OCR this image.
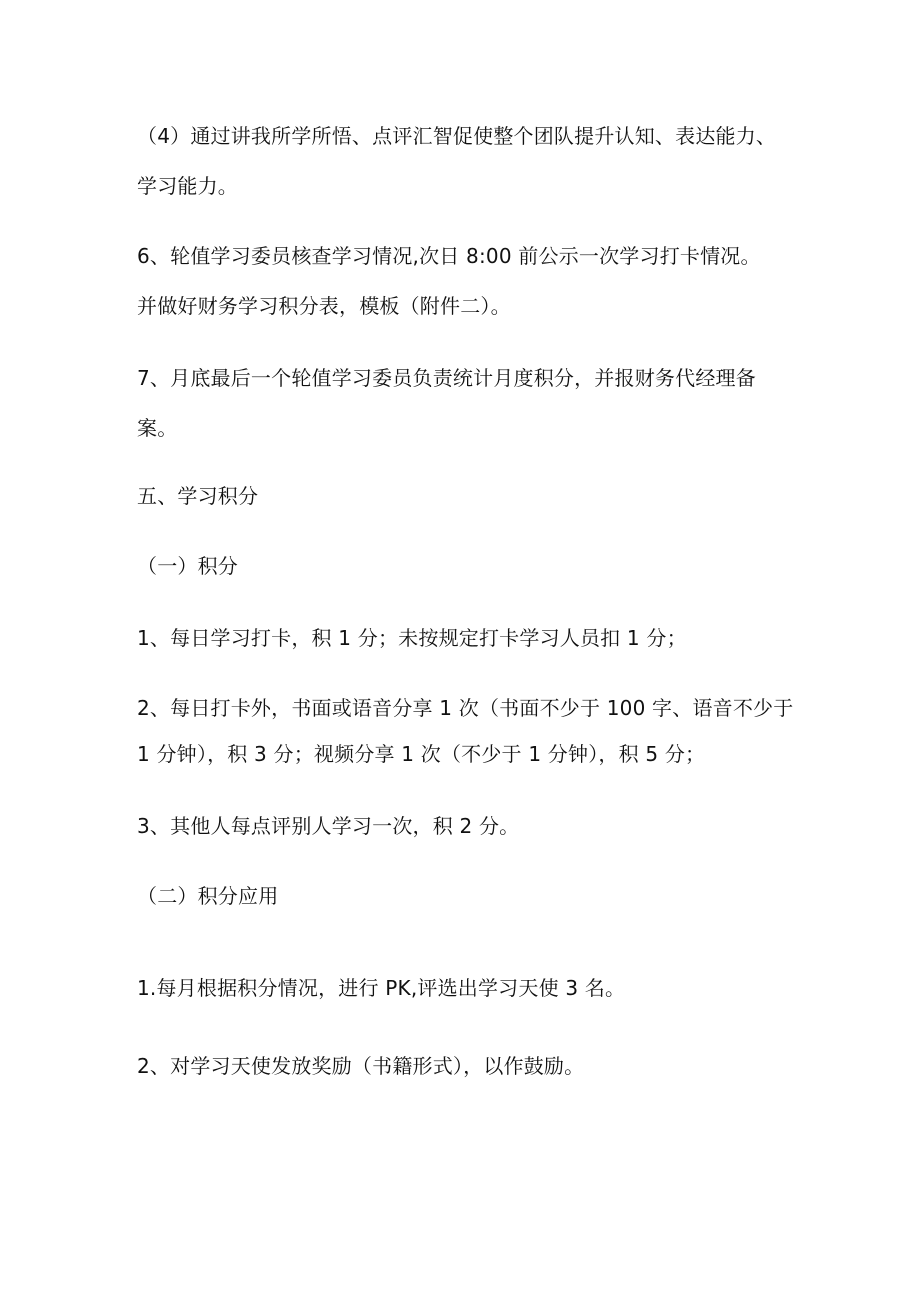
（4）通过讲我所学所悟、点评汇智促使整个团队提升认知、表达能力、

学习能力。

6、轮值学习委员核查学习情况,次日 8:00 前公示一次学习打卡情况。

并做好财务学习积分表，模板（附件二）。

7、月底最后一个轮值学习委员负责统计月度积分，并报财务代经理备

案。

五、学习积分
（一）积分

1、每日学习打卡，积 1 分；未按规定打卡学习人员扣 1 分；

2、每日打卡外，书面或语音分享 1 次（书面不少于 100 字、语音不少于

1 分钟），积 3 分；视频分享 1 次（不少于 1 分钟），积 5 分；

3、其他人每点评别人学习一次，积 2 分。

（二）积分应用

1.每月根据积分情况，进行 PK,评选出学习天使 3 名。

2、对学习天使发放奖励（书籍形式），以作鼓励。
